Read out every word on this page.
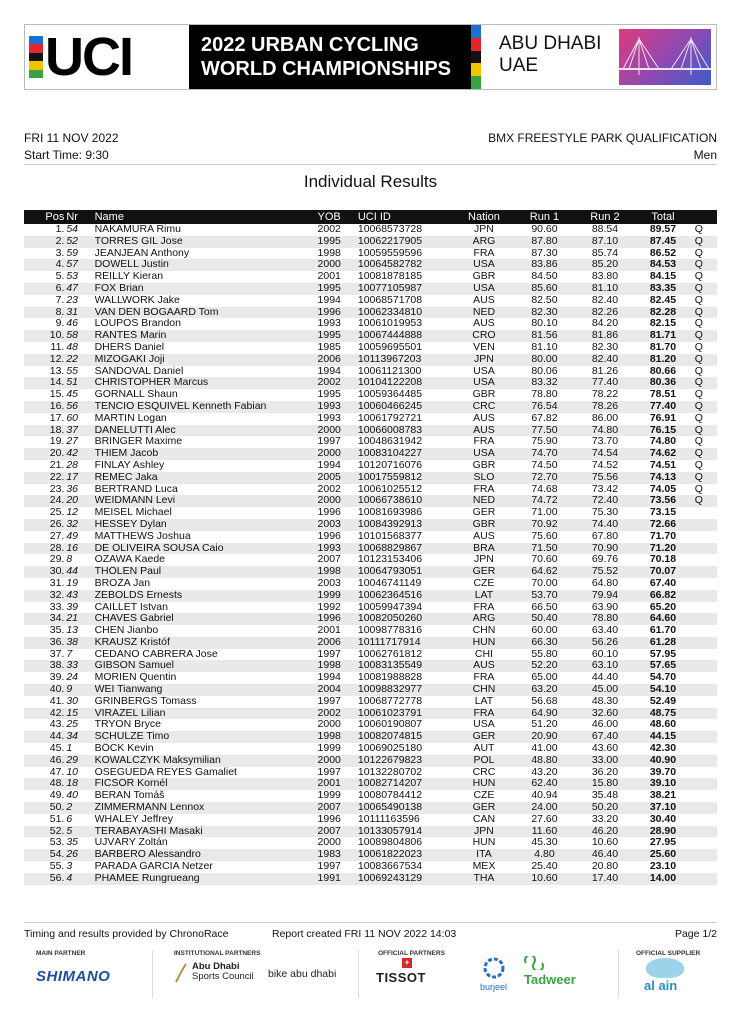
UCI	2022 URBAN CYCLING
WORLD CHAMPIONSHIPS
ABU DHABI
UAE
FRI 11 NOV 2022
Start Time: 9:30
BMX FREESTYLE PARK QUALIFICATION
Men
Individual Results
Pos	Nr	Name	YOB	UCI ID	Nation	Run 1	Run 2	Total	
1.	54	NAKAMURA Rimu	2002	10068573728	JPN	90.60	88.54	89.57	Q
2.	52	TORRES GIL Jose	1995	10062217905	ARG	87.80	87.10	87.45	Q
3.	59	JEANJEAN Anthony	1998	10059559596	FRA	87.30	85.74	86.52	Q
4.	57	DOWELL Justin	2000	10064582782	USA	83.86	85.20	84.53	Q
5.	53	REILLY Kieran	2001	10081878185	GBR	84.50	83.80	84.15	Q
6.	47	FOX Brian	1995	10077105987	USA	85.60	81.10	83.35	Q
7.	23	WALLWORK Jake	1994	10068571708	AUS	82.50	82.40	82.45	Q
8.	31	VAN DEN BOGAARD Tom	1996	10062334810	NED	82.30	82.26	82.28	Q
9.	46	LOUPOS Brandon	1993	10061019953	AUS	80.10	84.20	82.15	Q
10.	58	RANTEŠ Marin	1995	10067444888	CRO	81.56	81.86	81.71	Q
11.	48	DHERS Daniel	1985	10059695501	VEN	81.10	82.30	81.70	Q
12.	22	MIZOGAKI Joji	2006	10113967203	JPN	80.00	82.40	81.20	Q
13.	55	SANDOVAL Daniel	1994	10061121300	USA	80.06	81.26	80.66	Q
14.	51	CHRISTOPHER Marcus	2002	10104122208	USA	83.32	77.40	80.36	Q
15.	45	GORNALL Shaun	1995	10059364485	GBR	78.80	78.22	78.51	Q
16.	56	TENCIO ESQUIVEL Kenneth Fabian	1993	10060466245	CRC	76.54	78.26	77.40	Q
17.	60	MARTIN Logan	1993	10061792721	AUS	67.82	86.00	76.91	Q
18.	37	DANELUTTI Alec	2000	10066008783	AUS	77.50	74.80	76.15	Q
19.	27	BRINGER Maxime	1997	10048631942	FRA	75.90	73.70	74.80	Q
20.	42	THIEM Jacob	2000	10083104227	USA	74.70	74.54	74.62	Q
21.	28	FINLAY Ashley	1994	10120716076	GBR	74.50	74.52	74.51	Q
22.	17	REMEC Jaka	2005	10017559812	SLO	72.70	75.56	74.13	Q
23.	36	BERTRAND Luca	2002	10061025512	FRA	74.68	73.42	74.05	Q
24.	20	WEIDMANN Levi	2000	10066738610	NED	74.72	72.40	73.56	Q
25.	12	MEISEL Michael	1996	10081693986	GER	71.00	75.30	73.15	
26.	32	HESSEY Dylan	2003	10084392913	GBR	70.92	74.40	72.66	
27.	49	MATTHEWS Joshua	1996	10101568377	AUS	75.60	67.80	71.70	
28.	16	DE OLIVEIRA SOUSA Caio	1993	10068829867	BRA	71.50	70.90	71.20	
29.	8	OZAWA Kaede	2007	10123153406	JPN	70.60	69.76	70.18	
30.	44	THÖLEN Paul	1998	10064793051	GER	64.62	75.52	70.07	
31.	19	BROŽA Jan	2003	10046741149	CZE	70.00	64.80	67.40	
32.	43	ZEBOLDS Ernests	1999	10062364516	LAT	53.70	79.94	66.82	
33.	39	CAILLET Istvan	1992	10059947394	FRA	66.50	63.90	65.20	
34.	21	CHAVES Gabriel	1996	10082050260	ARG	50.40	78.80	64.60	
35.	13	CHEN Jianbo	2001	10098778316	CHN	60.00	63.40	61.70	
36.	38	KRAUSZ Kristóf	2006	10111717914	HUN	66.30	56.26	61.28	
37.	7	CEDANO CABRERA Jose	1997	10062761812	CHI	55.80	60.10	57.95	
38.	33	GIBSON Samuel	1998	10083135549	AUS	52.20	63.10	57.65	
39.	24	MORIEN Quentin	1994	10081988828	FRA	65.00	44.40	54.70	
40.	9	WEI Tianwang	2004	10098832977	CHN	63.20	45.00	54.10	
41.	30	GRINBERGS Tomass	1997	10068772778	LAT	56.68	48.30	52.49	
42.	15	VIRAZEL Lilian	2002	10061023791	FRA	64.90	32.60	48.75	
43.	25	TRYON Bryce	2000	10060190807	USA	51.20	46.00	48.60	
44.	34	SCHULZE Timo	1998	10082074815	GER	20.90	67.40	44.15	
45.	1	BÖCK Kevin	1999	10069025180	AUT	41.00	43.60	42.30	
46.	29	KOWALCZYK Maksymilian	2000	10122679823	POL	48.80	33.00	40.90	
47.	10	OSEGUEDA REYES Gamaliet	1997	10132280702	CRC	43.20	36.20	39.70	
48.	18	FICSÓR Kornél	2001	10082714207	HUN	62.40	15.80	39.10	
49.	40	BERAN Tomáš	1999	10080784412	CZE	40.94	35.48	38.21	
50.	2	ZIMMERMANN Lennox	2007	10065490138	GER	24.00	50.20	37.10	
51.	6	WHALEY Jeffrey	1996	10111163596	CAN	27.60	33.20	30.40	
52.	5	TERABAYASHI Masaki	2007	10133057914	JPN	11.60	46.20	28.90	
53.	35	ÚJVÁRY Zoltán	2000	10089804806	HUN	45.30	10.60	27.95	
54.	26	BARBERO Alessandro	1983	10061822023	ITA	4.80	46.40	25.60	
55.	3	PARADA GARCIA Netzer	1997	10083667534	MEX	25.40	20.80	23.10	
56.	4	PHAMEE Rungrueang	1991	10069243129	THA	10.60	17.40	14.00	
Timing and results provided by ChronoRace	Report created FRI 11 NOV 2022 14:03	Page 1/2
MAIN PARTNER
SHIMANO
INSTITUTIONAL PARTNERS
Abu Dhabi
Sports Council bike abu dhabi
OFFICIAL PARTNERS
+
TISSOT
burjeel Tadweer
OFFICIAL SUPPLIER
al ain
